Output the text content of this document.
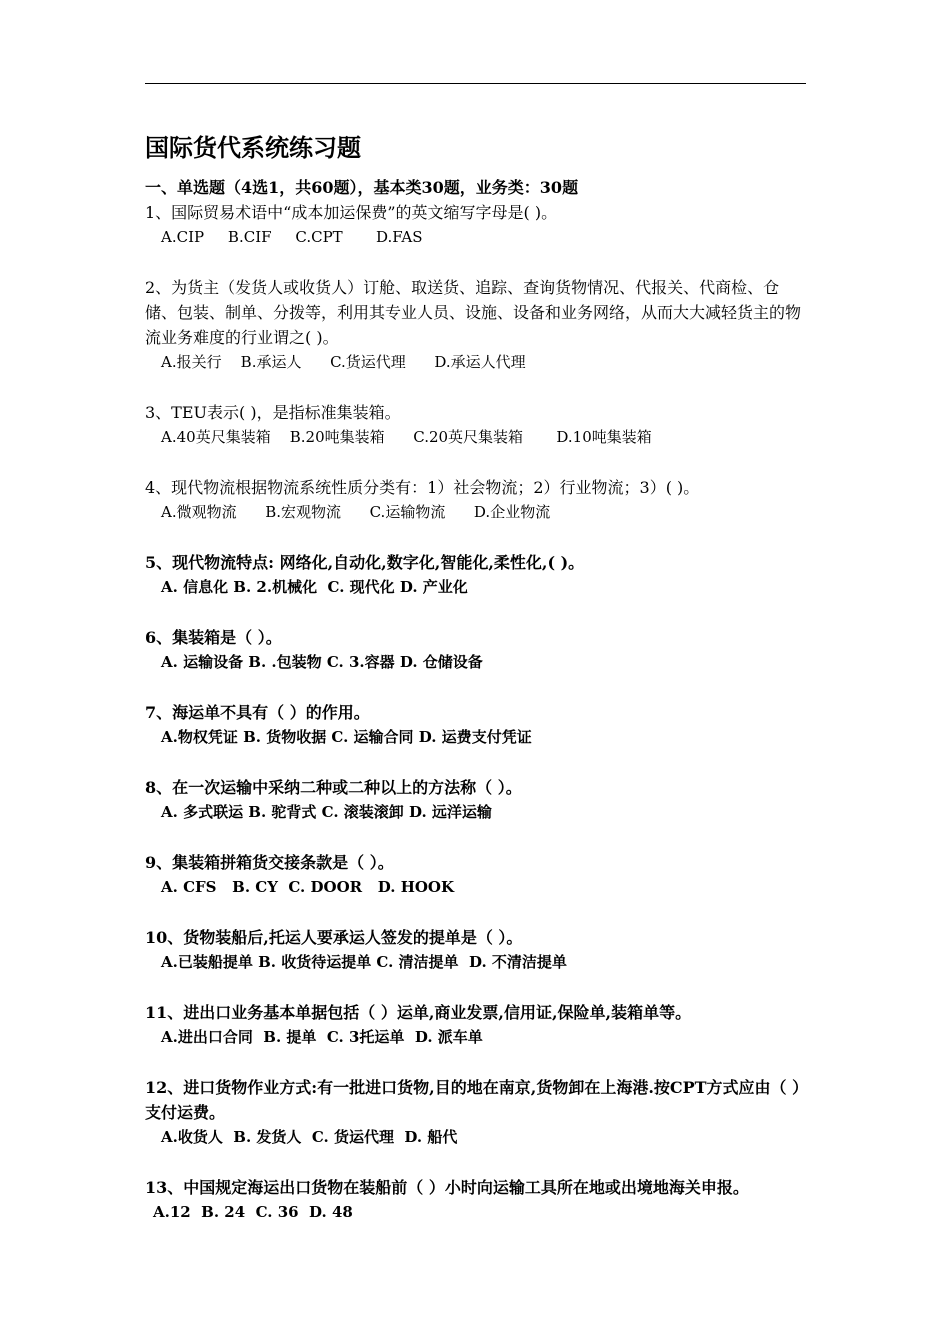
国际货代系统练习题

一、单选题（4选1，共60题），基本类30题，业务类：30题

1、国际贸易术语中“成本加运保费”的英文缩写字母是( )。

A.CIP     B.CIF     C.CPT       D.FAS

2、为货主（发货人或收货人）订舱、取送货、追踪、查询货物情况、代报关、代商检、仓储、包装、制单、分拨等，利用其专业人员、设施、设备和业务网络，从而大大减轻货主的物流业务难度的行业谓之( )。

A.报关行    B.承运人      C.货运代理      D.承运人代理

3、TEU表示( )，是指标准集装箱。

A.40英尺集装箱    B.20吨集装箱      C.20英尺集装箱       D.10吨集装箱

4、现代物流根据物流系统性质分类有：1）社会物流；2）行业物流；3）( )。

A.微观物流      B.宏观物流      C.运输物流      D.企业物流

5、现代物流特点: 网络化,自动化,数字化,智能化,柔性化,( )。

A. 信息化 B. 2.机械化  C. 现代化 D. 产业化

6、集装箱是（ ）。

A. 运输设备 B. .包装物 C. 3.容器 D. 仓储设备

7、海运单不具有（ ）的作用。

A.物权凭证 B. 货物收据 C. 运输合同 D. 运费支付凭证

8、在一次运输中采纳二种或二种以上的方法称（ ）。

A. 多式联运 B. 驼背式 C. 滚装滚卸 D. 远洋运输

9、集装箱拼箱货交接条款是（ ）。

A. CFS   B. CY  C. DOOR   D. HOOK

10、货物装船后,托运人要承运人签发的提单是（ ）。

A.已装船提单 B. 收货待运提单 C. 清洁提单  D. 不清洁提单

11、进出口业务基本单据包括（ ）运单,商业发票,信用证,保险单,装箱单等。

A.进出口合同  B. 提单  C. 3托运单  D. 派车单

12、进口货物作业方式:有一批进口货物,目的地在南京,货物卸在上海港.按CPT方式应由（ ） 支付运费。

A.收货人  B. 发货人  C. 货运代理  D. 船代

13、中国规定海运出口货物在装船前（ ）小时向运输工具所在地或出境地海关申报。

A.12  B. 24  C. 36  D. 48
